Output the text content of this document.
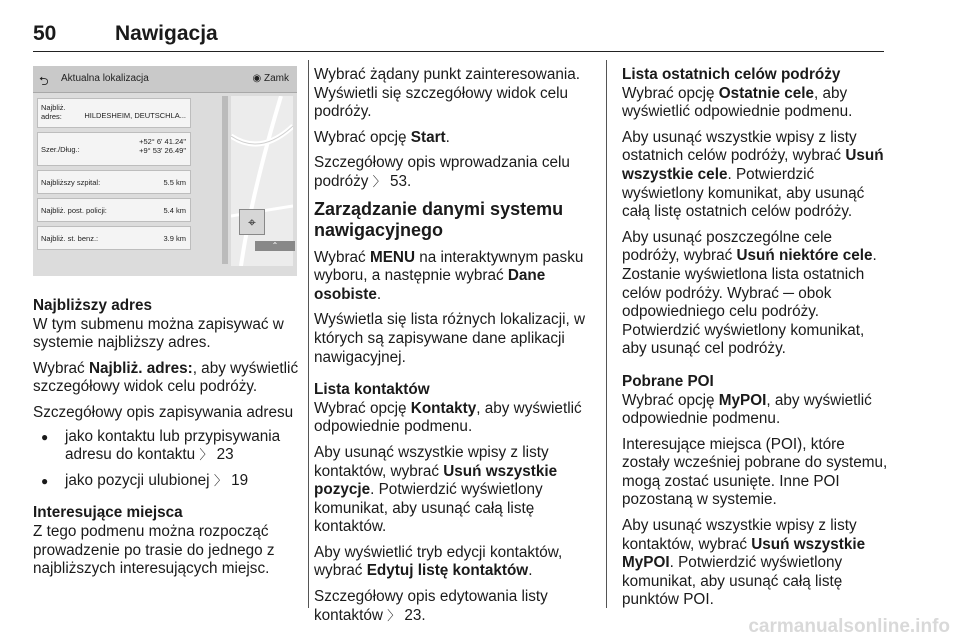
50	Nawigacja
⮌ Aktualna lokalizacja	◉ Zamk
Najbliż. adres:	HILDESHEIM, DEUTSCHLA...
Szer./Dług.:
+52° 6' 41.24"
+9° 53' 26.49"
Najbliższy szpital:	5.5 km
Najbliż. post. policji:	5.4 km
Najbliż. st. benz.:	3.9 km
⌖
⌃
Najbliższy adres

W tym submenu można zapisywać w systemie najbliższy adres.

Wybrać Najbliż. adres:, aby wyświetlić szczegółowy widok celu podróży.

Szczegółowy opis zapisywania adresu

● jako kontaktu lub przypisywania adresu do kontaktu 〉 23
● jako pozycji ulubionej 〉 19
Interesujące miejsca

Z tego podmenu można rozpocząć prowadzenie po trasie do jednego z najbliższych interesujących miejsc.

Wybrać żądany punkt zainteresowania. Wyświetli się szczegółowy widok celu podróży.

Wybrać opcję Start.

Szczegółowy opis wprowadzania celu podróży 〉 53.

Zarządzanie danymi systemu nawigacyjnego

Wybrać MENU na interaktywnym pasku wyboru, a następnie wybrać Dane osobiste.

Wyświetla się lista różnych lokalizacji, w których są zapisywane dane aplikacji nawigacyjnej.

Lista kontaktów

Wybrać opcję Kontakty, aby wyświetlić odpowiednie podmenu.

Aby usunąć wszystkie wpisy z listy kontaktów, wybrać Usuń wszystkie pozycje. Potwierdzić wyświetlony komunikat, aby usunąć całą listę kontaktów.

Aby wyświetlić tryb edycji kontaktów, wybrać Edytuj listę kontaktów.

Szczegółowy opis edytowania listy kontaktów 〉 23.

Lista ostatnich celów podróży

Wybrać opcję Ostatnie cele, aby wyświetlić odpowiednie podmenu.

Aby usunąć wszystkie wpisy z listy ostatnich celów podróży, wybrać Usuń wszystkie cele. Potwierdzić wyświetlony komunikat, aby usunąć całą listę ostatnich celów podróży.

Aby usunąć poszczególne cele podróży, wybrać Usuń niektóre cele. Zostanie wyświetlona lista ostatnich celów podróży. Wybrać ─ obok odpowiedniego celu podróży. Potwierdzić wyświetlony komunikat, aby usunąć cel podróży.

Pobrane POI

Wybrać opcję MyPOI, aby wyświetlić odpowiednie podmenu.

Interesujące miejsca (POI), które zostały wcześniej pobrane do systemu, mogą zostać usunięte. Inne POI pozostaną w systemie.

Aby usunąć wszystkie wpisy z listy kontaktów, wybrać Usuń wszystkie MyPOI. Potwierdzić wyświetlony komunikat, aby usunąć całą listę punktów POI.

carmanualsonline.info
